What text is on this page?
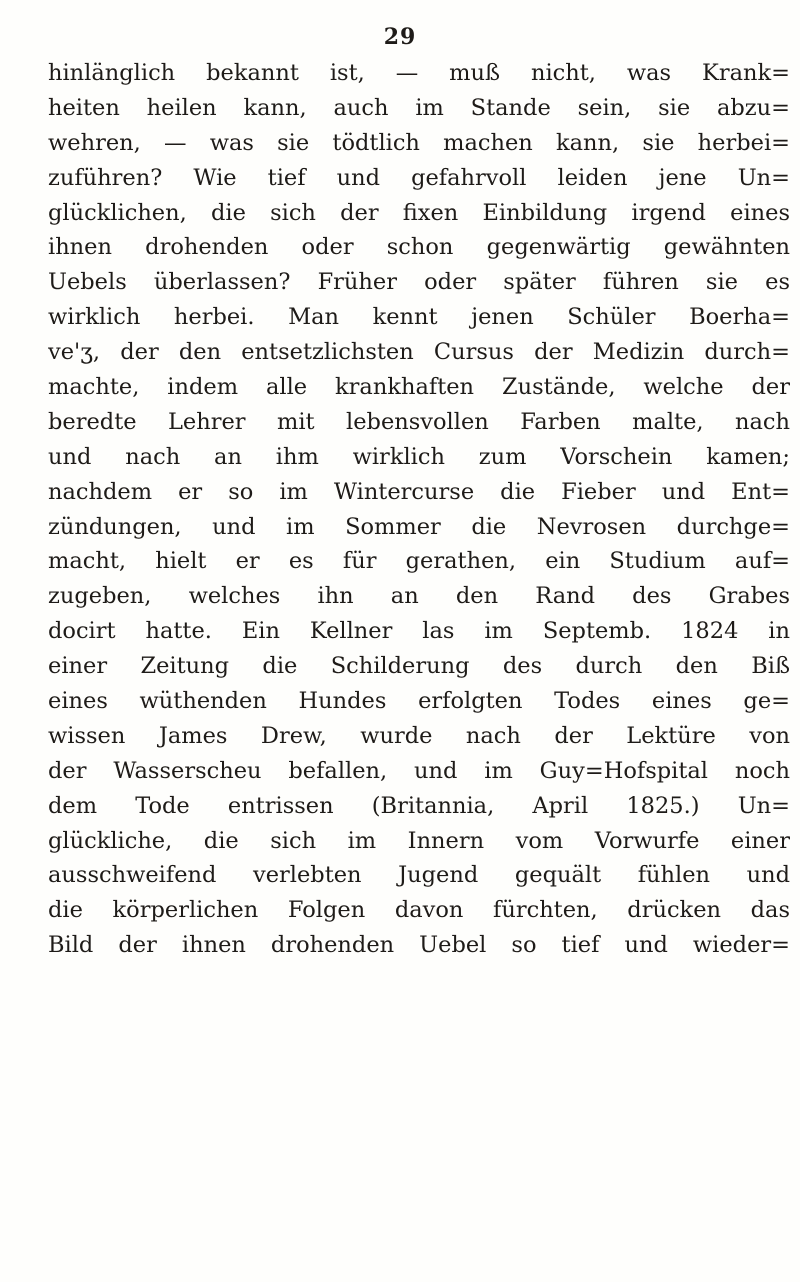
29
hinlänglich bekannt ist, — muß nicht, was Krank=
heiten heilen kann, auch im Stande sein, sie abzu=
wehren, — was sie tödtlich machen kann, sie herbei=
zuführen? Wie tief und gefahrvoll leiden jene Un=
glücklichen, die sich der fixen Einbildung irgend eines
ihnen drohenden oder schon gegenwärtig gewähnten
Uebels überlassen? Früher oder später führen sie es
wirklich herbei. Man kennt jenen Schüler Boerha=
ve'ʒ, der den entsetzlichsten Cursus der Medizin durch=
machte, indem alle krankhaften Zustände, welche der
beredte Lehrer mit lebensvollen Farben malte, nach
und nach an ihm wirklich zum Vorschein kamen;
nachdem er so im Wintercurse die Fieber und Ent=
zündungen, und im Sommer die Nevrosen durchge=
macht, hielt er es für gerathen, ein Studium auf=
zugeben, welches ihn an den Rand des Grabes
docirt hatte. Ein Kellner las im Septemb. 1824 in
einer Zeitung die Schilderung des durch den Biß
eines wüthenden Hundes erfolgten Todes eines ge=
wissen James Drew, wurde nach der Lektüre von
der Wasserscheu befallen, und im Guy=Hofspital noch
dem Tode entrissen (Britannia, April 1825.) Un=
glückliche, die sich im Innern vom Vorwurfe einer
ausschweifend verlebten Jugend gequält fühlen und
die körperlichen Folgen davon fürchten, drücken das
Bild der ihnen drohenden Uebel so tief und wieder=
